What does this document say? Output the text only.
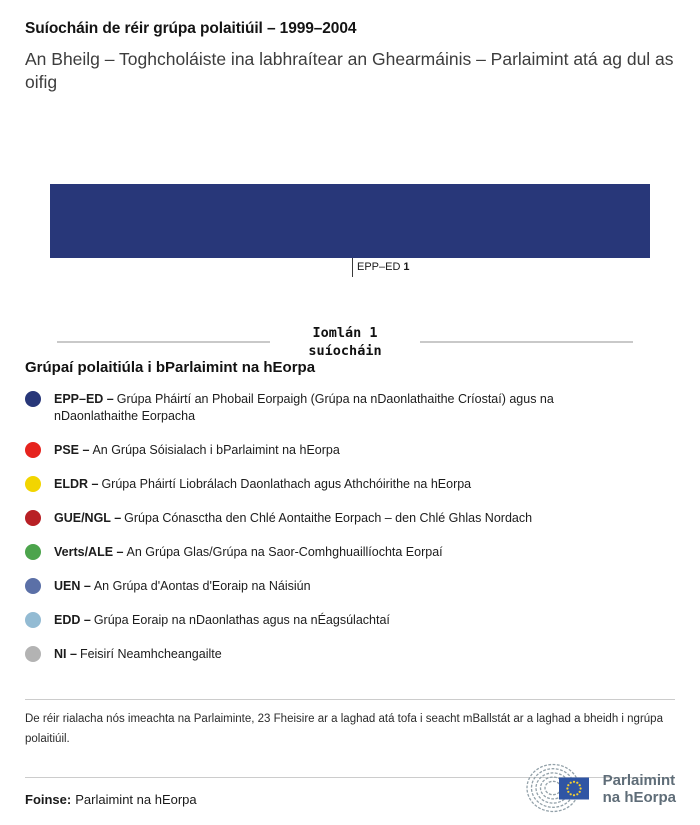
Suíocháin de réir grúpa polaitiúil – 1999–2004
An Bheilg – Toghcholáiste ina labhraítear an Ghearmáinis – Parlaimint atá ag dul as oifig
EPP–ED 1
Iomlán 1
suíocháin
Grúpaí polaitiúla i bParlaimint na hEorpa
EPP–ED – Grúpa Pháirtí an Phobail Eorpaigh (Grúpa na nDaonlathaithe Críostaí) agus na nDaonlathaithe Eorpacha
PSE – An Grúpa Sóisialach i bParlaimint na hEorpa
ELDR – Grúpa Pháirtí Liobrálach Daonlathach agus Athchóirithe na hEorpa
GUE/NGL – Grúpa Cónasctha den Chlé Aontaithe Eorpach – den Chlé Ghlas Nordach
Verts/ALE – An Grúpa Glas/Grúpa na Saor-Comhghuaillíochta Eorpaí
UEN – An Grúpa d'Aontas d'Eoraip na Náisiún
EDD – Grúpa Eoraip na nDaonlathas agus na nÉagsúlachtaí
NI – Feisirí Neamhcheangailte
De réir rialacha nós imeachta na Parlaiminte, 23 Fheisire ar a laghad atá tofa i seacht mBallstát ar a laghad a bheidh i ngrúpa polaitiúil.
Foinse: Parlaimint na hEorpa
Parlaimint
na hEorpa
